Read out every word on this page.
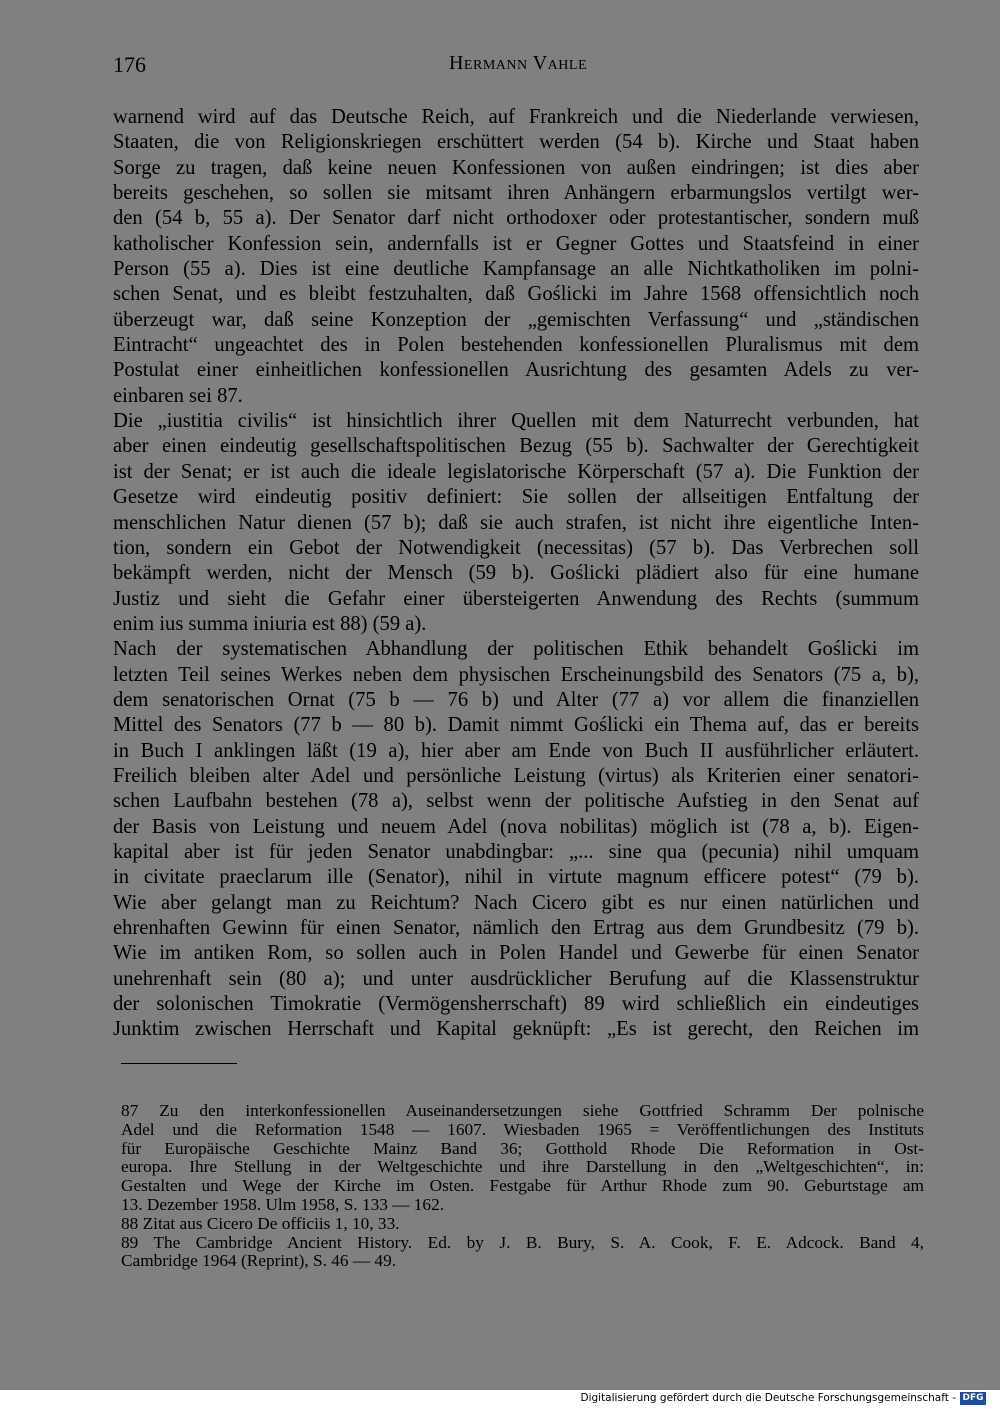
176	Hermann Vahle
warnend wird auf das Deutsche Reich, auf Frankreich und die Niederlande verwiesen,
Staaten, die von Religionskriegen erschüttert werden (54 b). Kirche und Staat haben
Sorge zu tragen, daß keine neuen Konfessionen von außen eindringen; ist dies aber
bereits geschehen, so sollen sie mitsamt ihren Anhängern erbarmungslos vertilgt wer-
den (54 b, 55 a). Der Senator darf nicht orthodoxer oder protestantischer, sondern muß
katholischer Konfession sein, andernfalls ist er Gegner Gottes und Staatsfeind in einer
Person (55 a). Dies ist eine deutliche Kampfansage an alle Nichtkatholiken im polni-
schen Senat, und es bleibt festzuhalten, daß Goślicki im Jahre 1568 offensichtlich noch
überzeugt war, daß seine Konzeption der „gemischten Verfassung“ und „ständischen
Eintracht“ ungeachtet des in Polen bestehenden konfessionellen Pluralismus mit dem
Postulat einer einheitlichen konfessionellen Ausrichtung des gesamten Adels zu ver-
einbaren sei 87.
Die „iustitia civilis“ ist hinsichtlich ihrer Quellen mit dem Naturrecht verbunden, hat
aber einen eindeutig gesellschaftspolitischen Bezug (55 b). Sachwalter der Gerechtigkeit
ist der Senat; er ist auch die ideale legislatorische Körperschaft (57 a). Die Funktion der
Gesetze wird eindeutig positiv definiert: Sie sollen der allseitigen Entfaltung der
menschlichen Natur dienen (57 b); daß sie auch strafen, ist nicht ihre eigentliche Inten-
tion, sondern ein Gebot der Notwendigkeit (necessitas) (57 b). Das Verbrechen soll
bekämpft werden, nicht der Mensch (59 b). Goślicki plädiert also für eine humane
Justiz und sieht die Gefahr einer übersteigerten Anwendung des Rechts (summum
enim ius summa iniuria est 88) (59 a).
Nach der systematischen Abhandlung der politischen Ethik behandelt Goślicki im
letzten Teil seines Werkes neben dem physischen Erscheinungsbild des Senators (75 a, b),
dem senatorischen Ornat (75 b — 76 b) und Alter (77 a) vor allem die finanziellen
Mittel des Senators (77 b — 80 b). Damit nimmt Goślicki ein Thema auf, das er bereits
in Buch I anklingen läßt (19 a), hier aber am Ende von Buch II ausführlicher erläutert.
Freilich bleiben alter Adel und persönliche Leistung (virtus) als Kriterien einer senatori-
schen Laufbahn bestehen (78 a), selbst wenn der politische Aufstieg in den Senat auf
der Basis von Leistung und neuem Adel (nova nobilitas) möglich ist (78 a, b). Eigen-
kapital aber ist für jeden Senator unabdingbar: „... sine qua (pecunia) nihil umquam
in civitate praeclarum ille (Senator), nihil in virtute magnum efficere potest“ (79 b).
Wie aber gelangt man zu Reichtum? Nach Cicero gibt es nur einen natürlichen und
ehrenhaften Gewinn für einen Senator, nämlich den Ertrag aus dem Grundbesitz (79 b).
Wie im antiken Rom, so sollen auch in Polen Handel und Gewerbe für einen Senator
unehrenhaft sein (80 a); und unter ausdrücklicher Berufung auf die Klassenstruktur
der solonischen Timokratie (Vermögensherrschaft) 89 wird schließlich ein eindeutiges
Junktim zwischen Herrschaft und Kapital geknüpft: „Es ist gerecht, den Reichen im
87 Zu den interkonfessionellen Auseinandersetzungen siehe Gottfried Schramm Der polnische
Adel und die Reformation 1548 — 1607. Wiesbaden 1965 = Veröffentlichungen des Instituts
für Europäische Geschichte Mainz Band 36; Gotthold Rhode Die Reformation in Ost-
europa. Ihre Stellung in der Weltgeschichte und ihre Darstellung in den „Weltgeschichten“, in:
Gestalten und Wege der Kirche im Osten. Festgabe für Arthur Rhode zum 90. Geburtstage am
13. Dezember 1958. Ulm 1958, S. 133 — 162.
88 Zitat aus Cicero De officiis 1, 10, 33.
89 The Cambridge Ancient History. Ed. by J. B. Bury, S. A. Cook, F. E. Adcock. Band 4,
Cambridge 1964 (Reprint), S. 46 — 49.
Digitalisierung gefördert durch die Deutsche Forschungsgemeinschaft - DFG
